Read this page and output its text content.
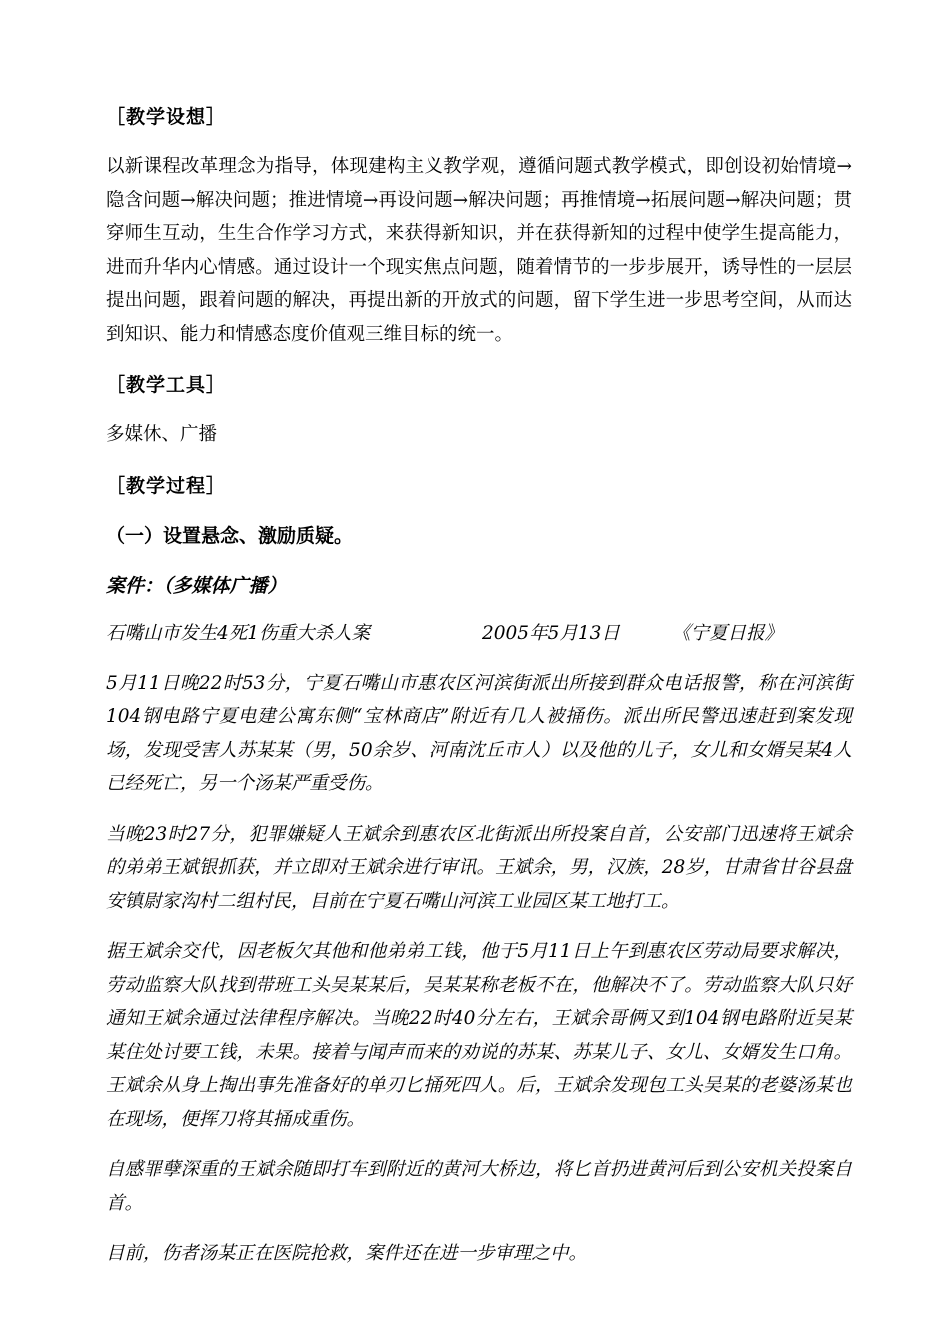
［教学设想］

以新课程改革理念为指导，体现建构主义教学观，遵循问题式教学模式，即创设初始情境→隐含问题→解决问题；推进情境→再设问题→解决问题；再推情境→拓展问题→解决问题；贯穿师生互动，生生合作学习方式，来获得新知识，并在获得新知的过程中使学生提高能力，进而升华内心情感。通过设计一个现实焦点问题，随着情节的一步步展开，诱导性的一层层提出问题，跟着问题的解决，再提出新的开放式的问题，留下学生进一步思考空间，从而达到知识、能力和情感态度价值观三维目标的统一。

［教学工具］

多媒休、广播

［教学过程］
（一）设置悬念、激励质疑。
案件：（多媒体广播）
石嘴山市发生4死1伤重大杀人案	2005年5月13日	《宁夏日报》

5月11日晚22时53分，宁夏石嘴山市惠农区河滨街派出所接到群众电话报警，称在河滨街104钢电路宁夏电建公寓东侧“宝林商店”附近有几人被捅伤。派出所民警迅速赶到案发现场，发现受害人苏某某（男，50余岁、河南沈丘市人）以及他的儿子，女儿和女婿吴某4人已经死亡，另一个汤某严重受伤。

当晚23时27分，犯罪嫌疑人王斌余到惠农区北街派出所投案自首，公安部门迅速将王斌余的弟弟王斌银抓获，并立即对王斌余进行审讯。王斌余，男，汉族，28岁，甘肃省甘谷县盘安镇尉家沟村二组村民，目前在宁夏石嘴山河滨工业园区某工地打工。

据王斌余交代，因老板欠其他和他弟弟工钱，他于5月11日上午到惠农区劳动局要求解决，劳动监察大队找到带班工头吴某某后，吴某某称老板不在，他解决不了。劳动监察大队只好通知王斌余通过法律程序解决。当晚22时40分左右，王斌余哥俩又到104钢电路附近吴某某住处讨要工钱，未果。接着与闻声而来的劝说的苏某、苏某儿子、女儿、女婿发生口角。王斌余从身上掏出事先准备好的单刃匕捅死四人。后，王斌余发现包工头吴某的老婆汤某也在现场，便挥刀将其捅成重伤。

自感罪孽深重的王斌余随即打车到附近的黄河大桥边，将匕首扔进黄河后到公安机关投案自首。

目前，伤者汤某正在医院抢救，案件还在进一步审理之中。
